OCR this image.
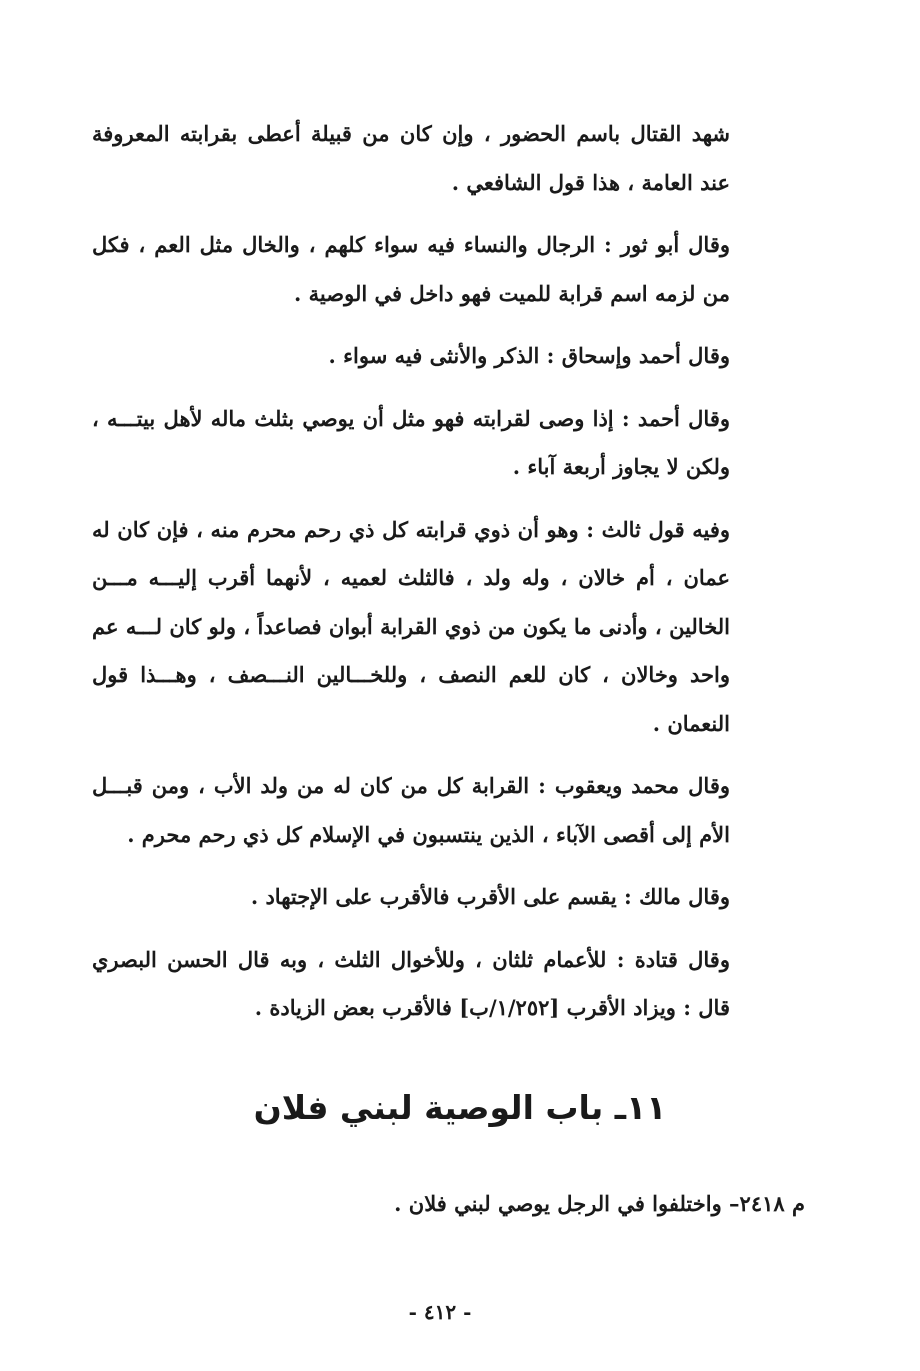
شهد القتال باسم الحضور ، وإن كان من قبيلة أعطى بقرابته المعروفة عند العامة ، هذا قول الشافعي .

وقال أبو ثور : الرجال والنساء فيه سواء كلهم ، والخال مثل العم ، فكل من لزمه اسم قرابة للميت فهو داخل في الوصية .

وقال أحمد وإسحاق : الذكر والأنثى فيه سواء .

وقال أحمد : إذا وصى لقرابته فهو مثل أن يوصي بثلث ماله لأهل بيتـــه ، ولكن لا يجاوز أربعة آباء .

وفيه قول ثالث : وهو أن ذوي قرابته كل ذي رحم محرم منه ، فإن كان له عمان ، أم خالان ، وله ولد ، فالثلث لعميه ، لأنهما أقرب إليـــه مـــن الخالين ، وأدنى ما يكون من ذوي القرابة أبوان فصاعداً ، ولو كان لـــه عم واحد وخالان ، كان للعم النصف ، وللخـــالين النـــصف ، وهـــذا قول النعمان .

وقال محمد ويعقوب : القرابة كل من كان له من ولد الأب ، ومن قبـــل الأم إلى أقصى الآباء ، الذين ينتسبون في الإسلام كل ذي رحم محرم .

وقال مالك : يقسم على الأقرب فالأقرب على الإجتهاد .

وقال قتادة : للأعمام ثلثان ، وللأخوال الثلث ، وبه قال الحسن البصري قال : ويزاد الأقرب [١/٢٥٢/ب] فالأقرب بعض الزيادة .

١١ـ باب الوصية لبني فلان
م ٢٤١٨– واختلفوا في الرجل يوصي لبني فلان .
- ٤١٢ -
